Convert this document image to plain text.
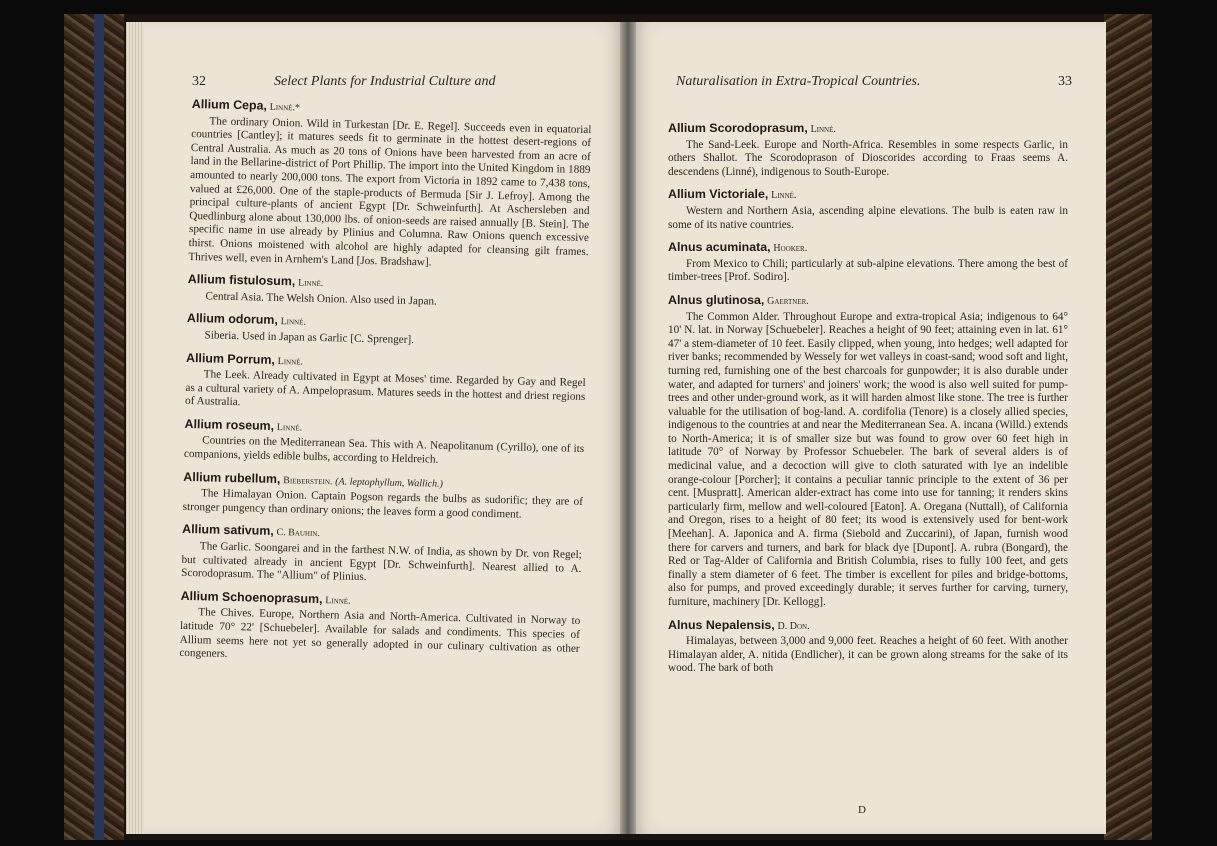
32	Select Plants for Industrial Culture and
Allium Cepa, Linné.*
The ordinary Onion. Wild in Turkestan [Dr. E. Regel]. Succeeds even in equatorial countries [Cantley]; it matures seeds fit to germinate in the hottest desert-regions of Central Australia. As much as 20 tons of Onions have been harvested from an acre of land in the Bellarine-district of Port Phillip. The import into the United Kingdom in 1889 amounted to nearly 200,000 tons. The export from Victoria in 1892 came to 7,438 tons, valued at £26,000. One of the staple-products of Bermuda [Sir J. Lefroy]. Among the principal culture-plants of ancient Egypt [Dr. Schweinfurth]. At Aschersleben and Quedlinburg alone about 130,000 lbs. of onion-seeds are raised annually [B. Stein]. The specific name in use already by Plinius and Columna. Raw Onions quench excessive thirst. Onions moistened with alcohol are highly adapted for cleansing gilt frames. Thrives well, even in Arnhem's Land [Jos. Bradshaw].
Allium fistulosum, Linné.
Central Asia. The Welsh Onion. Also used in Japan.
Allium odorum, Linné.
Siberia. Used in Japan as Garlic [C. Sprenger].
Allium Porrum, Linné.
The Leek. Already cultivated in Egypt at Moses' time. Regarded by Gay and Regel as a cultural variety of A. Ampeloprasum. Matures seeds in the hottest and driest regions of Australia.
Allium roseum, Linné.
Countries on the Mediterranean Sea. This with A. Neapolitanum (Cyrillo), one of its companions, yields edible bulbs, according to Heldreich.
Allium rubellum, Bieberstein. (A. leptophyllum, Wallich.)
The Himalayan Onion. Captain Pogson regards the bulbs as sudorific; they are of stronger pungency than ordinary onions; the leaves form a good condiment.
Allium sativum, C. Bauhin.
The Garlic. Soongarei and in the farthest N.W. of India, as shown by Dr. von Regel; but cultivated already in ancient Egypt [Dr. Schweinfurth]. Nearest allied to A. Scorodoprasum. The "Allium" of Plinius.
Allium Schoenoprasum, Linné.
The Chives. Europe, Northern Asia and North-America. Cultivated in Norway to latitude 70° 22' [Schuebeler]. Available for salads and condiments. This species of Allium seems here not yet so generally adopted in our culinary cultivation as other congeners.
Naturalisation in Extra-Tropical Countries.	33
Allium Scorodoprasum, Linné.
The Sand-Leek. Europe and North-Africa. Resembles in some respects Garlic, in others Shallot. The Scorodoprason of Dioscorides according to Fraas seems A. descendens (Linné), indigenous to South-Europe.
Allium Victoriale, Linné.
Western and Northern Asia, ascending alpine elevations. The bulb is eaten raw in some of its native countries.
Alnus acuminata, Hooker.
From Mexico to Chili; particularly at sub-alpine elevations. There among the best of timber-trees [Prof. Sodiro].
Alnus glutinosa, Gaertner.
The Common Alder. Throughout Europe and extra-tropical Asia; indigenous to 64° 10' N. lat. in Norway [Schuebeler]. Reaches a height of 90 feet; attaining even in lat. 61° 47' a stem-diameter of 10 feet. Easily clipped, when young, into hedges; well adapted for river banks; recommended by Wessely for wet valleys in coast-sand; wood soft and light, turning red, furnishing one of the best charcoals for gunpowder; it is also durable under water, and adapted for turners' and joiners' work; the wood is also well suited for pump-trees and other under-ground work, as it will harden almost like stone. The tree is further valuable for the utilisation of bog-land. A. cordifolia (Tenore) is a closely allied species, indigenous to the countries at and near the Mediterranean Sea. A. incana (Willd.) extends to North-America; it is of smaller size but was found to grow over 60 feet high in latitude 70° of Norway by Professor Schuebeler. The bark of several alders is of medicinal value, and a decoction will give to cloth saturated with lye an indelible orange-colour [Porcher]; it contains a peculiar tannic principle to the extent of 36 per cent. [Muspratt]. American alder-extract has come into use for tanning; it renders skins particularly firm, mellow and well-coloured [Eaton]. A. Oregana (Nuttall), of California and Oregon, rises to a height of 80 feet; its wood is extensively used for bent-work [Meehan]. A. Japonica and A. firma (Siebold and Zuccarini), of Japan, furnish wood there for carvers and turners, and bark for black dye [Dupont]. A. rubra (Bongard), the Red or Tag-Alder of California and British Columbia, rises to fully 100 feet, and gets finally a stem diameter of 6 feet. The timber is excellent for piles and bridge-bottoms, also for pumps, and proved exceedingly durable; it serves further for carving, turnery, furniture, machinery [Dr. Kellogg].
Alnus Nepalensis, D. Don.
Himalayas, between 3,000 and 9,000 feet. Reaches a height of 60 feet. With another Himalayan alder, A. nitida (Endlicher), it can be grown along streams for the sake of its wood. The bark of both
D
